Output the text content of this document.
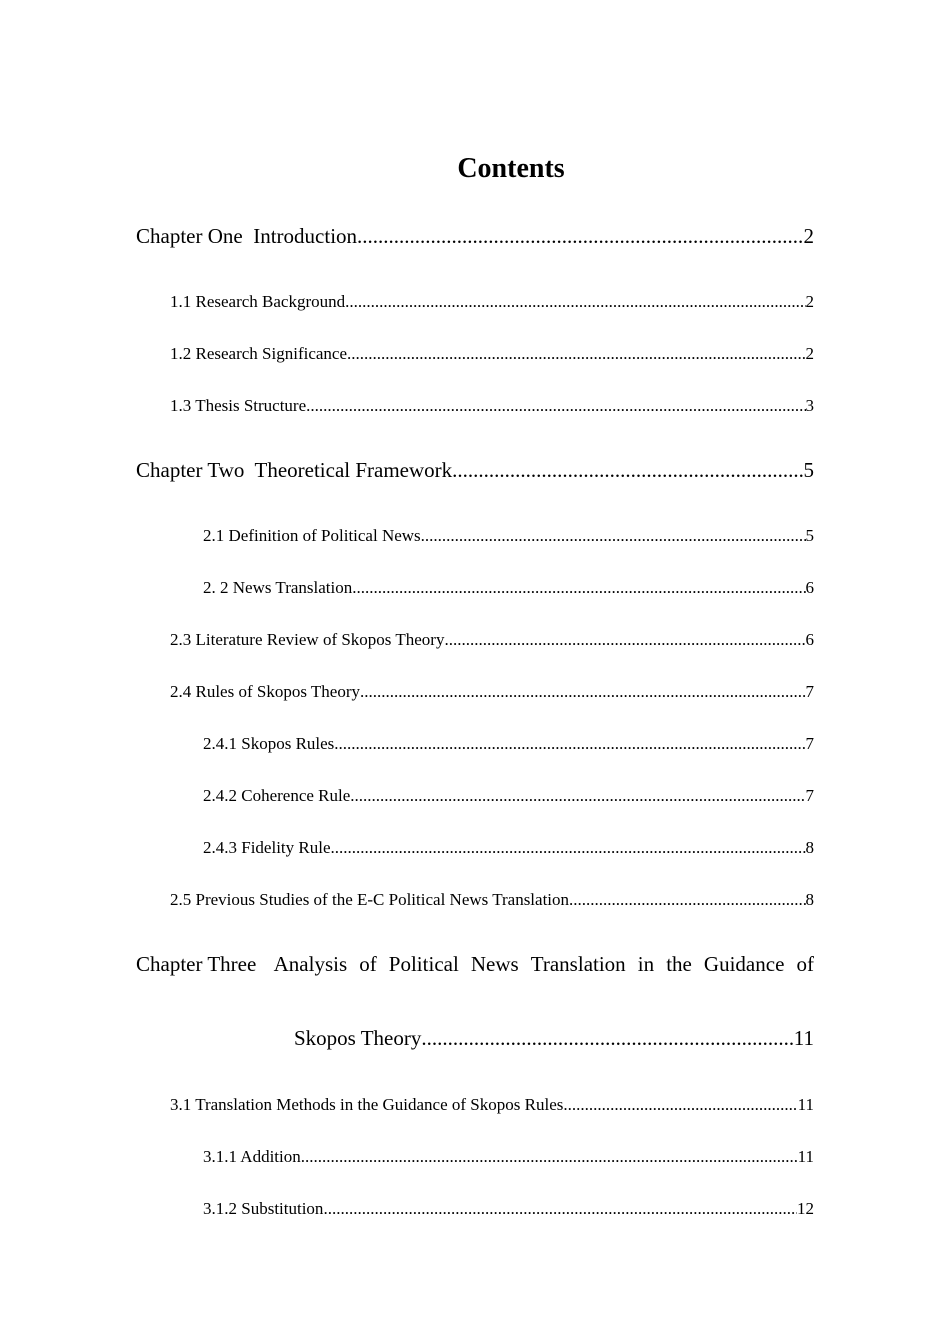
Contents
Chapter One  Introduction .....	2
1.1 Research Background .....	2
1.2 Research Significance .....	2
1.3 Thesis Structure .....	3
Chapter Two  Theoretical Framework .....	5
2.1 Definition of Political News .....	5
2. 2 News Translation .....	6
2.3 Literature Review of Skopos Theory .....	6
2.4 Rules of Skopos Theory .....	7
2.4.1 Skopos Rules .....	7
2.4.2 Coherence Rule .....	7
2.4.3 Fidelity Rule .....	8
2.5 Previous Studies of the E-C Political News Translation .....	8
Chapter Three Analysis of Political News Translation in the Guidance of
Skopos Theory .....	11
3.1 Translation Methods in the Guidance of Skopos Rules .....	11
3.1.1 Addition .....	11
3.1.2 Substitution .....	12
